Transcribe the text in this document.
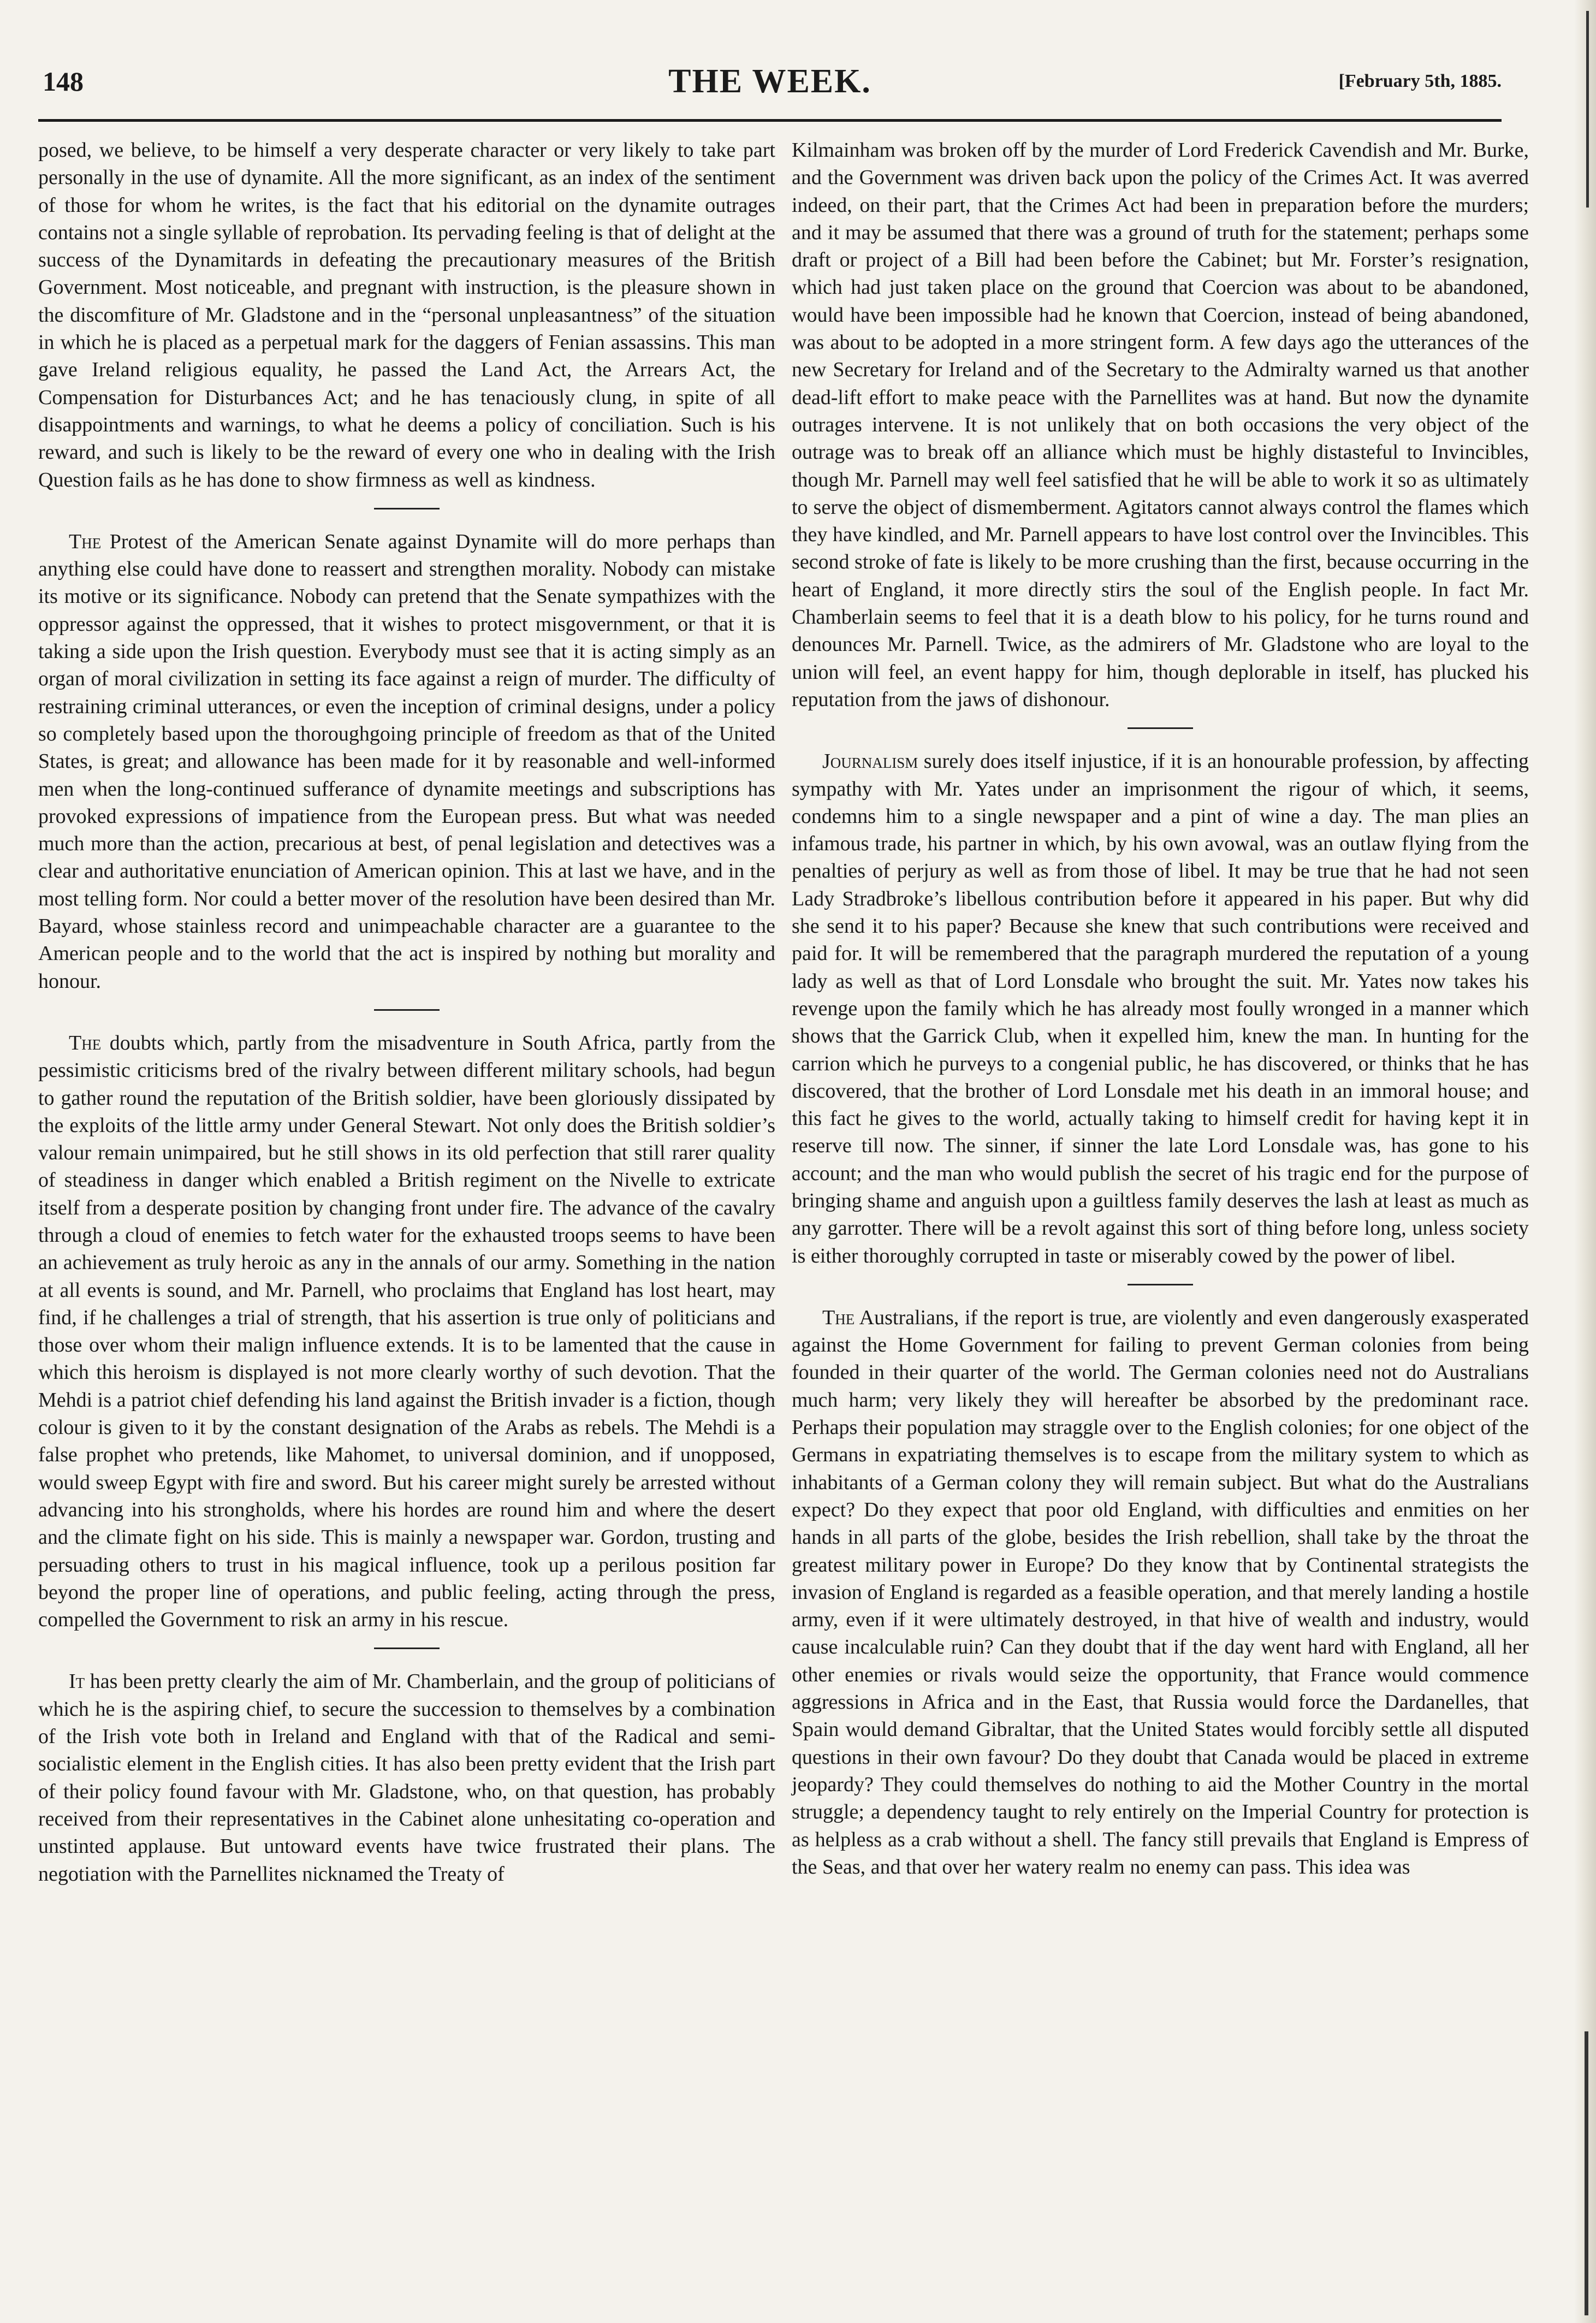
148	THE WEEK.	[February 5th, 1885.

posed, we believe, to be himself a very desperate character or very likely to take part personally in the use of dynamite. All the more significant, as an index of the sentiment of those for whom he writes, is the fact that his editorial on the dynamite outrages contains not a single syllable of reprobation. Its pervading feeling is that of delight at the success of the Dynamitards in defeating the precautionary measures of the British Government. Most noticeable, and pregnant with instruction, is the pleasure shown in the discomfiture of Mr. Gladstone and in the “personal unpleasantness” of the situation in which he is placed as a perpetual mark for the daggers of Fenian assassins. This man gave Ireland religious equality, he passed the Land Act, the Arrears Act, the Compensation for Disturbances Act; and he has tenaciously clung, in spite of all disappointments and warnings, to what he deems a policy of conciliation. Such is his reward, and such is likely to be the reward of every one who in dealing with the Irish Question fails as he has done to show firmness as well as kindness.

The Protest of the American Senate against Dynamite will do more perhaps than anything else could have done to reassert and strengthen morality. Nobody can mistake its motive or its significance. Nobody can pretend that the Senate sympathizes with the oppressor against the oppressed, that it wishes to protect misgovernment, or that it is taking a side upon the Irish question. Everybody must see that it is acting simply as an organ of moral civilization in setting its face against a reign of murder. The difficulty of restraining criminal utterances, or even the inception of criminal designs, under a policy so completely based upon the thoroughgoing principle of freedom as that of the United States, is great; and allowance has been made for it by reasonable and well-informed men when the long-continued sufferance of dynamite meetings and subscriptions has provoked expressions of impatience from the European press. But what was needed much more than the action, precarious at best, of penal legislation and detectives was a clear and authoritative enunciation of American opinion. This at last we have, and in the most telling form. Nor could a better mover of the resolution have been desired than Mr. Bayard, whose stainless record and unimpeachable character are a guarantee to the American people and to the world that the act is inspired by nothing but morality and honour.

The doubts which, partly from the misadventure in South Africa, partly from the pessimistic criticisms bred of the rivalry between different military schools, had begun to gather round the reputation of the British soldier, have been gloriously dissipated by the exploits of the little army under General Stewart. Not only does the British soldier’s valour remain unimpaired, but he still shows in its old perfection that still rarer quality of steadiness in danger which enabled a British regiment on the Nivelle to extricate itself from a desperate position by changing front under fire. The advance of the cavalry through a cloud of enemies to fetch water for the exhausted troops seems to have been an achievement as truly heroic as any in the annals of our army. Something in the nation at all events is sound, and Mr. Parnell, who proclaims that England has lost heart, may find, if he challenges a trial of strength, that his assertion is true only of politicians and those over whom their malign influence extends. It is to be lamented that the cause in which this heroism is displayed is not more clearly worthy of such devotion. That the Mehdi is a patriot chief defending his land against the British invader is a fiction, though colour is given to it by the constant designation of the Arabs as rebels. The Mehdi is a false prophet who pretends, like Mahomet, to universal dominion, and if unopposed, would sweep Egypt with fire and sword. But his career might surely be arrested without advancing into his strongholds, where his hordes are round him and where the desert and the climate fight on his side. This is mainly a newspaper war. Gordon, trusting and persuading others to trust in his magical influence, took up a perilous position far beyond the proper line of operations, and public feeling, acting through the press, compelled the Government to risk an army in his rescue.

It has been pretty clearly the aim of Mr. Chamberlain, and the group of politicians of which he is the aspiring chief, to secure the succession to themselves by a combination of the Irish vote both in Ireland and England with that of the Radical and semi-socialistic element in the English cities. It has also been pretty evident that the Irish part of their policy found favour with Mr. Gladstone, who, on that question, has probably received from their representatives in the Cabinet alone unhesitating co-operation and unstinted applause. But untoward events have twice frustrated their plans. The negotiation with the Parnellites nicknamed the Treaty of

Kilmainham was broken off by the murder of Lord Frederick Cavendish and Mr. Burke, and the Government was driven back upon the policy of the Crimes Act. It was averred indeed, on their part, that the Crimes Act had been in preparation before the murders; and it may be assumed that there was a ground of truth for the statement; perhaps some draft or project of a Bill had been before the Cabinet; but Mr. Forster’s resignation, which had just taken place on the ground that Coercion was about to be abandoned, would have been impossible had he known that Coercion, instead of being abandoned, was about to be adopted in a more stringent form. A few days ago the utterances of the new Secretary for Ireland and of the Secretary to the Admiralty warned us that another dead-lift effort to make peace with the Parnellites was at hand. But now the dynamite outrages intervene. It is not unlikely that on both occasions the very object of the outrage was to break off an alliance which must be highly distasteful to Invincibles, though Mr. Parnell may well feel satisfied that he will be able to work it so as ultimately to serve the object of dismemberment. Agitators cannot always control the flames which they have kindled, and Mr. Parnell appears to have lost control over the Invincibles. This second stroke of fate is likely to be more crushing than the first, because occurring in the heart of England, it more directly stirs the soul of the English people. In fact Mr. Chamberlain seems to feel that it is a death blow to his policy, for he turns round and denounces Mr. Parnell. Twice, as the admirers of Mr. Gladstone who are loyal to the union will feel, an event happy for him, though deplorable in itself, has plucked his reputation from the jaws of dishonour.

Journalism surely does itself injustice, if it is an honourable profession, by affecting sympathy with Mr. Yates under an imprisonment the rigour of which, it seems, condemns him to a single newspaper and a pint of wine a day. The man plies an infamous trade, his partner in which, by his own avowal, was an outlaw flying from the penalties of perjury as well as from those of libel. It may be true that he had not seen Lady Stradbroke’s libellous contribution before it appeared in his paper. But why did she send it to his paper? Because she knew that such contributions were received and paid for. It will be remembered that the paragraph murdered the reputation of a young lady as well as that of Lord Lonsdale who brought the suit. Mr. Yates now takes his revenge upon the family which he has already most foully wronged in a manner which shows that the Garrick Club, when it expelled him, knew the man. In hunting for the carrion which he purveys to a congenial public, he has discovered, or thinks that he has discovered, that the brother of Lord Lonsdale met his death in an immoral house; and this fact he gives to the world, actually taking to himself credit for having kept it in reserve till now. The sinner, if sinner the late Lord Lonsdale was, has gone to his account; and the man who would publish the secret of his tragic end for the purpose of bringing shame and anguish upon a guiltless family deserves the lash at least as much as any garrotter. There will be a revolt against this sort of thing before long, unless society is either thoroughly corrupted in taste or miserably cowed by the power of libel.

The Australians, if the report is true, are violently and even dangerously exasperated against the Home Government for failing to prevent German colonies from being founded in their quarter of the world. The German colonies need not do Australians much harm; very likely they will hereafter be absorbed by the predominant race. Perhaps their population may straggle over to the English colonies; for one object of the Germans in expatriating themselves is to escape from the military system to which as inhabitants of a German colony they will remain subject. But what do the Australians expect? Do they expect that poor old England, with difficulties and enmities on her hands in all parts of the globe, besides the Irish rebellion, shall take by the throat the greatest military power in Europe? Do they know that by Continental strategists the invasion of England is regarded as a feasible operation, and that merely landing a hostile army, even if it were ultimately destroyed, in that hive of wealth and industry, would cause incalculable ruin? Can they doubt that if the day went hard with England, all her other enemies or rivals would seize the opportunity, that France would commence aggressions in Africa and in the East, that Russia would force the Dardanelles, that Spain would demand Gibraltar, that the United States would forcibly settle all disputed questions in their own favour? Do they doubt that Canada would be placed in extreme jeopardy? They could themselves do nothing to aid the Mother Country in the mortal struggle; a dependency taught to rely entirely on the Imperial Country for protection is as helpless as a crab without a shell. The fancy still prevails that England is Empress of the Seas, and that over her watery realm no enemy can pass. This idea was
